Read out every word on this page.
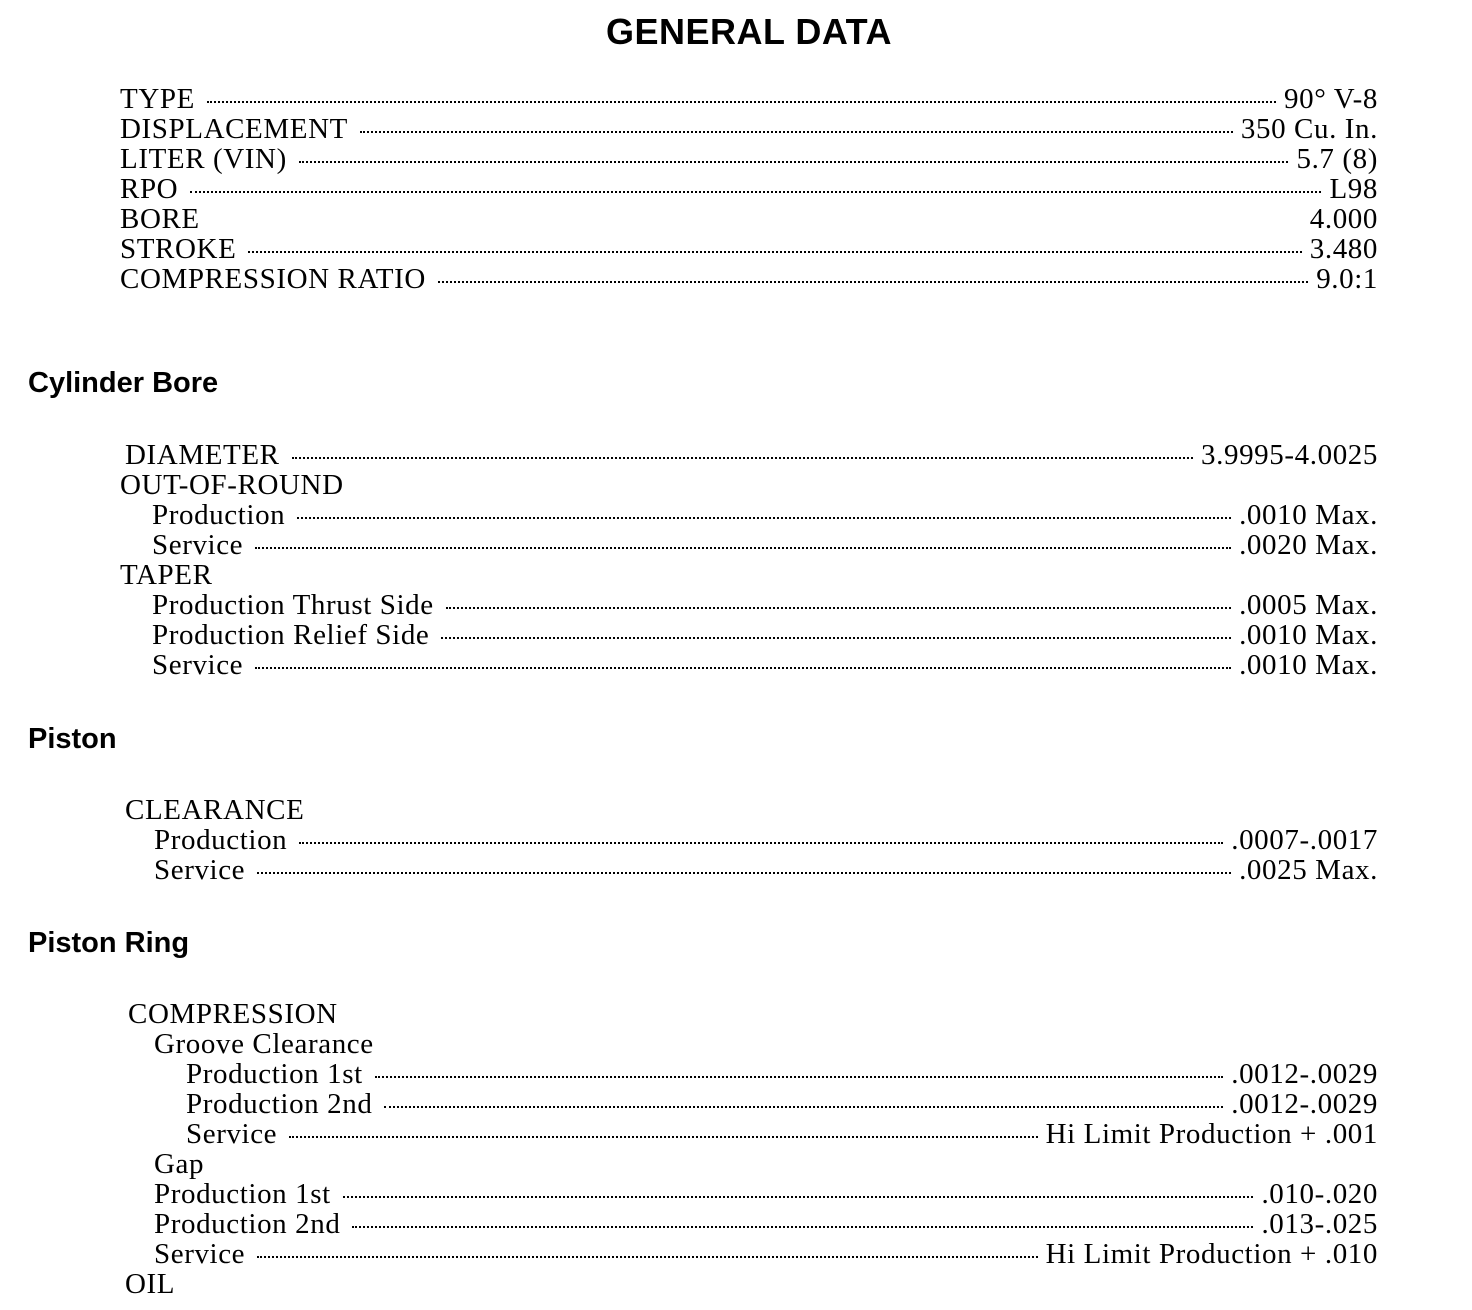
GENERAL DATA
TYPE	90° V-8
DISPLACEMENT	350 Cu. In.
LITER (VIN)	5.7 (8)
RPO	L98
BORE	4.000
STROKE	3.480
COMPRESSION RATIO	9.0:1
Cylinder Bore
DIAMETER	3.9995-4.0025
OUT-OF-ROUND
Production	.0010 Max.
Service	.0020 Max.
TAPER
Production Thrust Side	.0005 Max.
Production Relief Side	.0010 Max.
Service	.0010 Max.
Piston
CLEARANCE
Production	.0007-.0017
Service	.0025 Max.
Piston Ring
COMPRESSION
Groove Clearance
Production 1st	.0012-.0029
Production 2nd	.0012-.0029
Service	Hi Limit Production + .001
Gap
Production 1st	.010-.020
Production 2nd	.013-.025
Service	Hi Limit Production + .010
OIL
